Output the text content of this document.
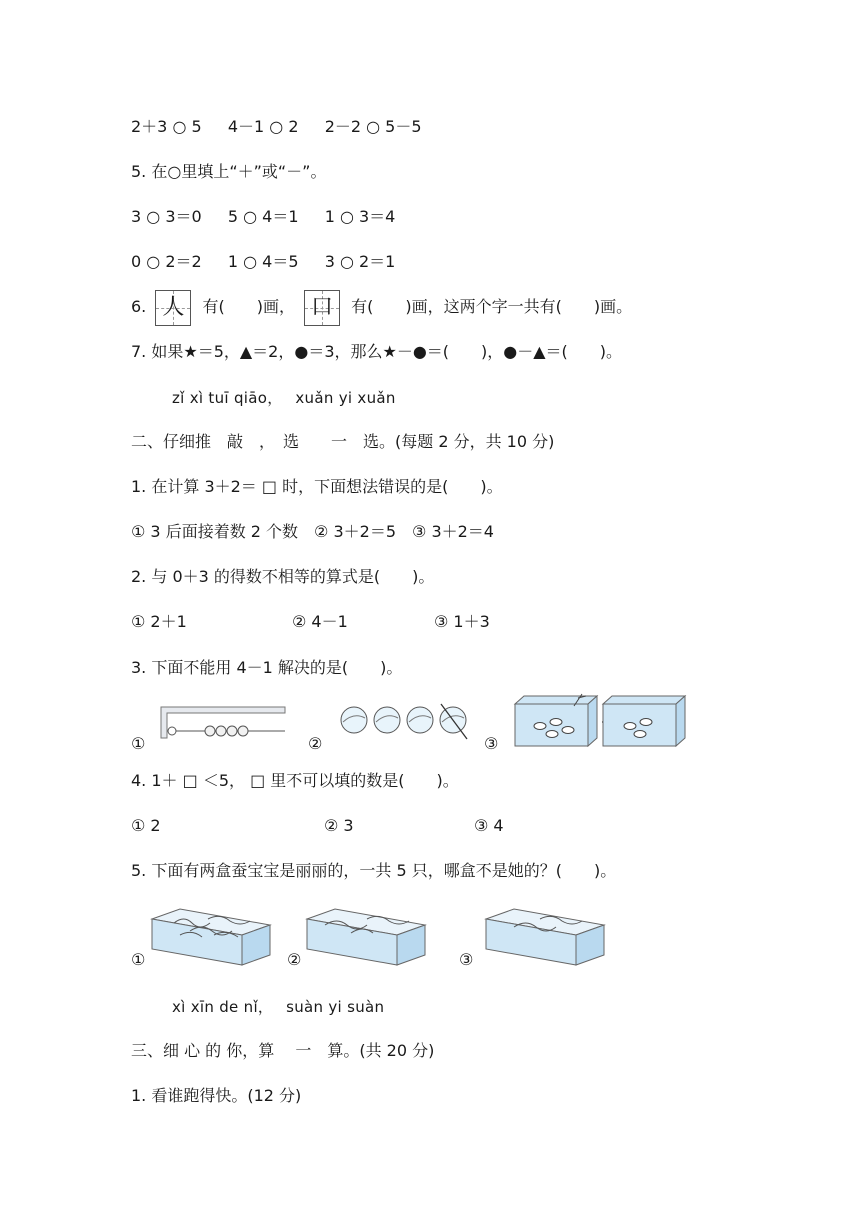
2＋3 ○ 5 　 4－1 ○ 2 　 2－2 ○ 5－5
5. 在○里填上“＋”或“－”。
3 ○ 3＝0 　 5 ○ 4＝1 　 1 ○ 3＝4
0 ○ 2＝2 　 1 ○ 4＝5 　 3 ○ 2＝1
6. 人 有(　　)画， 口 有(　　)画，这两个字一共有(　　)画。
7. 如果★＝5，▲＝2，●＝3，那么★－●＝(　　)，●－▲＝(　　)。
zǐ xì tuī qiāo，　 xuǎn yi xuǎn
二、仔细推　敲　，　选　　一　选。(每题 2 分，共 10 分)
1. 在计算 3＋2＝ □ 时，下面想法错误的是(　　)。
① 3 后面接着数 2 个数　② 3＋2＝5　③ 3＋2＝4
2. 与 0＋3 的得数不相等的算式是(　　)。
① 2＋1	② 4－1	③ 1＋3
3. 下面不能用 4－1 解决的是(　　)。
①	②	③
4. 1＋ □ ＜5， □ 里不可以填的数是(　　)。
① 2	② 3	③ 4
5. 下面有两盒蚕宝宝是丽丽的，一共 5 只，哪盒不是她的？(　　)。
①	②	③
xì xīn de nǐ，　 suàn yi suàn
三、细 心 的 你，算　 一　算。(共 20 分)
1. 看谁跑得快。(12 分)
